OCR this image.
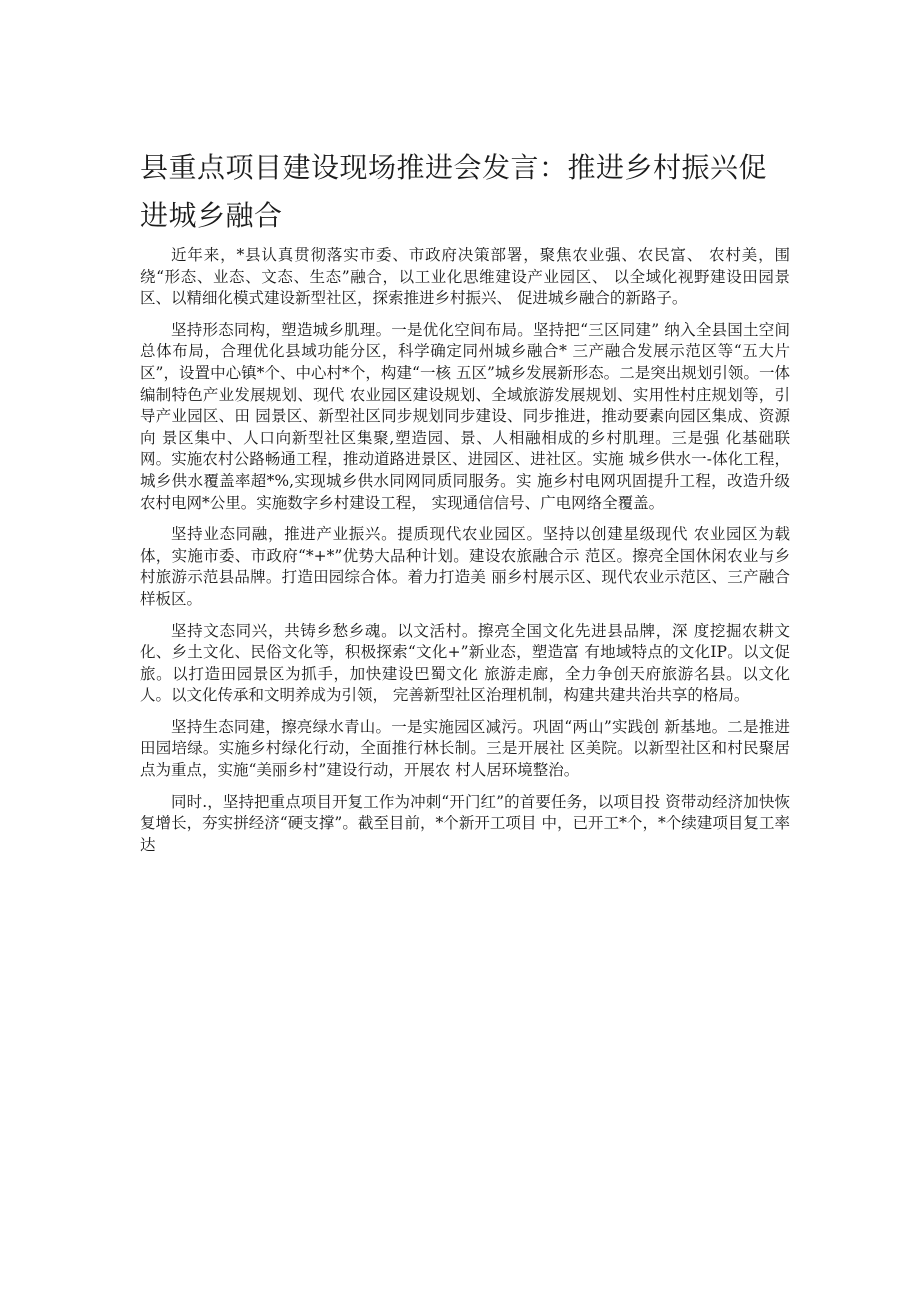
县重点项目建设现场推进会发言：推进乡村振兴促进城乡融合

近年来，*县认真贯彻落实市委、市政府决策部署，聚焦农业强、农民富、 农村美，围绕“形态、业态、文态、生态”融合，以工业化思维建设产业园区、 以全域化视野建设田园景区、以精细化模式建设新型社区，探索推进乡村振兴、 促进城乡融合的新路子。

坚持形态同构，塑造城乡肌理。一是优化空间布局。坚持把“三区同建” 纳入全县国土空间总体布局，合理优化县域功能分区，科学确定同州城乡融合* 三产融合发展示范区等“五大片区”，设置中心镇*个、中心村*个，构建“一核 五区”城乡发展新形态。二是突出规划引领。一体编制特色产业发展规划、现代 农业园区建设规划、全域旅游发展规划、实用性村庄规划等，引导产业园区、田 园景区、新型社区同步规划同步建设、同步推进，推动要素向园区集成、资源向 景区集中、人口向新型社区集聚,塑造园、景、人相融相成的乡村肌理。三是强 化基础联网。实施农村公路畅通工程，推动道路进景区、进园区、进社区。实施 城乡供水一-体化工程，城乡供水覆盖率超*%,实现城乡供水同网同质同服务。实 施乡村电网巩固提升工程，改造升级农村电网*公里。实施数字乡村建设工程， 实现通信信号、广电网络全覆盖。

坚持业态同融，推进产业振兴。提质现代农业园区。坚持以创建星级现代 农业园区为载体，实施市委、市政府“*+*”优势大品种计划。建设农旅融合示 范区。擦亮全国休闲农业与乡村旅游示范县品牌。打造田园综合体。着力打造美 丽乡村展示区、现代农业示范区、三产融合样板区。

坚持文态同兴，共铸乡愁乡魂。以文活村。擦亮全国文化先进县品牌，深 度挖掘农耕文化、乡土文化、民俗文化等，积极探索“文化+”新业态，塑造富 有地域特点的文化IP。以文促旅。以打造田园景区为抓手，加快建设巴蜀文化 旅游走廊，全力争创天府旅游名县。以文化人。以文化传承和文明养成为引领， 完善新型社区治理机制，构建共建共治共享的格局。

坚持生态同建，擦亮绿水青山。一是实施园区减污。巩固“两山”实践创 新基地。二是推进田园培绿。实施乡村绿化行动，全面推行林长制。三是开展社 区美院。以新型社区和村民聚居点为重点，实施“美丽乡村”建设行动，开展农 村人居环境整治。

同时.，坚持把重点项目开复工作为冲刺“开门红”的首要任务，以项目投 资带动经济加快恢复增长，夯实拼经济“硬支撑”。截至目前，*个新开工项目 中，已开工*个，*个续建项目复工率达
